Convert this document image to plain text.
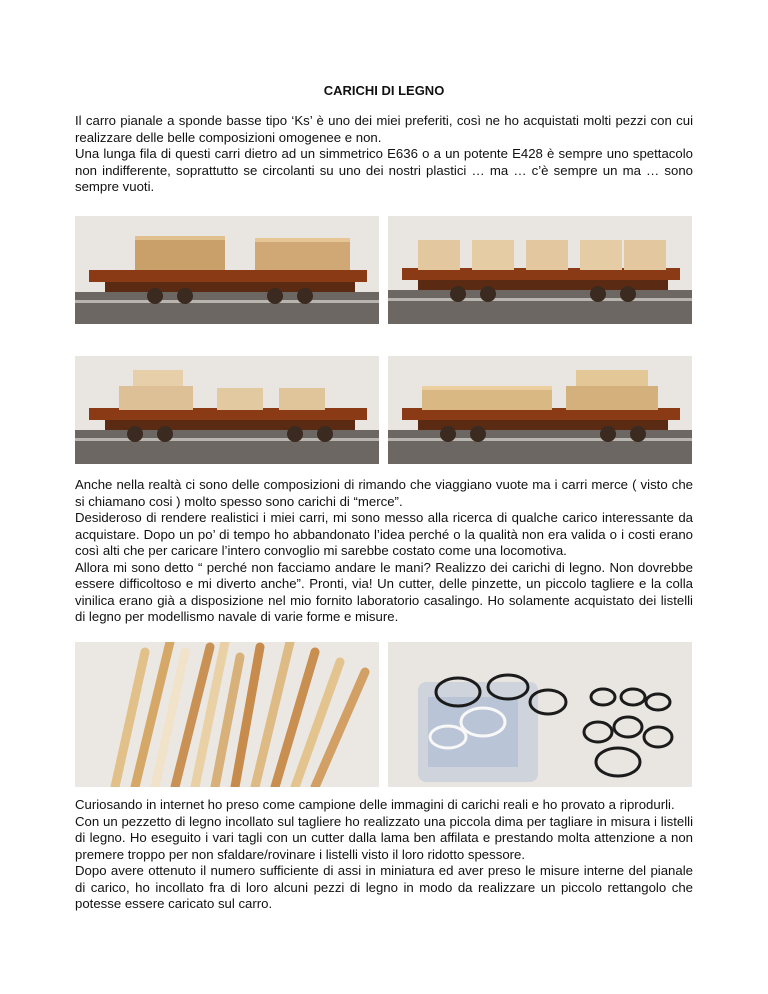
CARICHI DI LEGNO

Il carro pianale a sponde basse tipo ‘Ks’ è uno dei miei preferiti, così ne ho acquistati molti pezzi con cui realizzare delle belle composizioni omogenee e non.

Una lunga fila di questi carri dietro ad un simmetrico E636 o a un potente E428 è sempre uno spettacolo non indifferente, soprattutto se circolanti su uno dei nostri plastici … ma … c’è sempre un ma … sono sempre vuoti.

Anche nella realtà ci sono delle composizioni di rimando che viaggiano vuote ma i carri merce ( visto che si chiamano cosi ) molto spesso sono carichi di “merce”.

Desideroso di rendere realistici i miei carri, mi sono messo alla ricerca di qualche carico interessante da acquistare. Dopo un po’ di tempo ho abbandonato l’idea perché o la qualità non era valida o i costi erano così alti che per caricare l’intero convoglio mi sarebbe costato come una locomotiva.

Allora mi sono detto “ perché non facciamo andare le mani? Realizzo dei carichi di legno. Non dovrebbe essere difficoltoso e mi diverto anche”. Pronti, via! Un cutter, delle pinzette, un piccolo tagliere e la colla vinilica erano già a disposizione nel mio fornito laboratorio casalingo. Ho solamente acquistato dei listelli di legno per modellismo navale di varie forme e misure.

Curiosando in internet ho preso come campione delle immagini di carichi reali e ho provato a riprodurli.

Con un pezzetto di legno incollato sul tagliere ho realizzato una piccola dima per tagliare in misura i listelli di legno. Ho eseguito i vari tagli con un cutter dalla lama ben affilata e prestando molta attenzione a non premere troppo per non sfaldare/rovinare i listelli visto il loro ridotto spessore.

Dopo avere ottenuto il numero sufficiente di assi in miniatura ed aver preso le misure interne del pianale di carico, ho incollato fra di loro alcuni pezzi di legno in modo da realizzare un piccolo rettangolo che potesse essere caricato sul carro.
